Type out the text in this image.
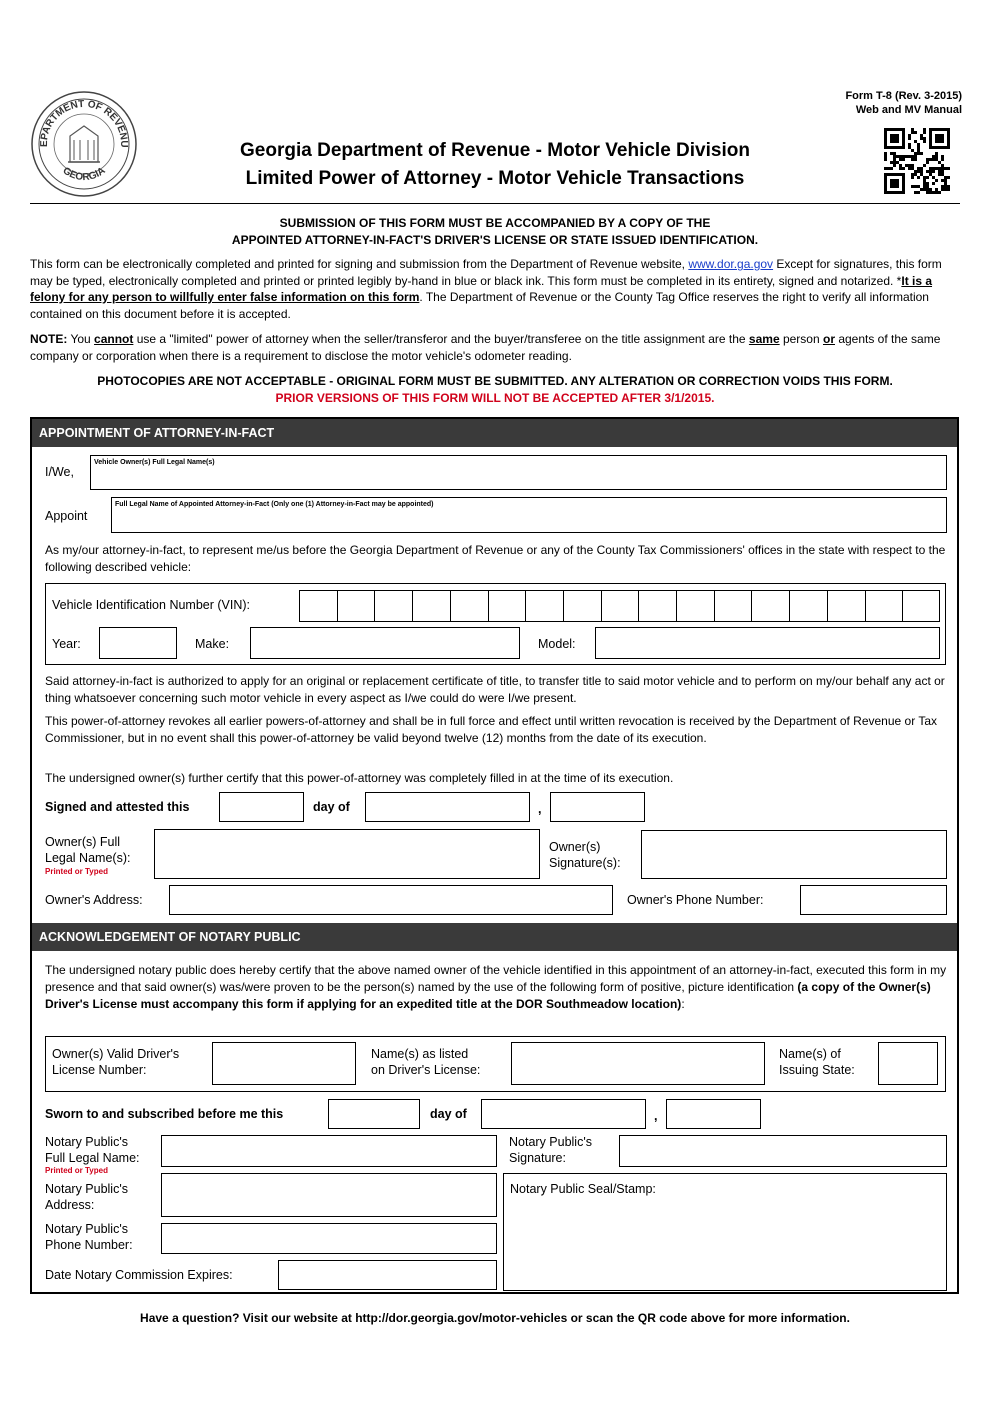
EPARTMENT OF REVENU
GEORGIA
Form T-8 (Rev. 3-2015)
Web and MV Manual
Georgia Department of Revenue - Motor Vehicle Division
Limited Power of Attorney - Motor Vehicle Transactions
SUBMISSION OF THIS FORM MUST BE ACCOMPANIED BY A COPY OF THE
APPOINTED ATTORNEY-IN-FACT'S DRIVER'S LICENSE OR STATE ISSUED IDENTIFICATION.
This form can be electronically completed and printed for signing and submission from the Department of Revenue website, www.dor.ga.gov Except for signatures, this form may be typed, electronically completed and printed or printed legibly by-hand in blue or black ink. This form must be completed in its entirety, signed and notarized. *It is a felony for any person to willfully enter false information on this form. The Department of Revenue or the County Tag Office reserves the right to verify all information contained on this document before it is accepted.
NOTE: You cannot use a "limited" power of attorney when the seller/transferor and the buyer/transferee on the title assignment are the same person or agents of the same company or corporation when there is a requirement to disclose the motor vehicle's odometer reading.
PHOTOCOPIES ARE NOT ACCEPTABLE - ORIGINAL FORM MUST BE SUBMITTED. ANY ALTERATION OR CORRECTION VOIDS THIS FORM.
PRIOR VERSIONS OF THIS FORM WILL NOT BE ACCEPTED AFTER 3/1/2015.
APPOINTMENT OF ATTORNEY-IN-FACT
I/We,
Vehicle Owner(s) Full Legal Name(s)
Appoint
Full Legal Name of Appointed Attorney-in-Fact (Only one (1) Attorney-in-Fact may be appointed)
As my/our attorney-in-fact, to represent me/us before the Georgia Department of Revenue or any of the County Tax Commissioners' offices in the state with respect to the following described vehicle:
Vehicle Identification Number (VIN):
Year:	Make:	Model:
Said attorney-in-fact is authorized to apply for an original or replacement certificate of title, to transfer title to said motor vehicle and to perform on my/our behalf any act or thing whatsoever concerning such motor vehicle in every aspect as I/we could do were I/we present.
This power-of-attorney revokes all earlier powers-of-attorney and shall be in full force and effect until written revocation is received by the Department of Revenue or Tax Commissioner, but in no event shall this power-of-attorney be valid beyond twelve (12) months from the date of its execution.
The undersigned owner(s) further certify that this power-of-attorney was completely filled in at the time of its execution.
Signed and attested this	day of	,
Owner(s) Full
Legal Name(s):
Printed or Typed
Owner(s)
Signature(s):
Owner's Address:	Owner's Phone Number:
ACKNOWLEDGEMENT OF NOTARY PUBLIC
The undersigned notary public does hereby certify that the above named owner of the vehicle identified in this appointment of an attorney-in-fact, executed this form in my presence and that said owner(s) was/were proven to be the person(s) named by the use of the following form of positive, picture identification (a copy of the Owner(s) Driver's License must accompany this form if applying for an expedited title at the DOR Southmeadow location):
Owner(s) Valid Driver's
License Number:
Name(s) as listed
on Driver's License:
Name(s) of
Issuing State:
Sworn to and subscribed before me this	day of	,
Notary Public's
Full Legal Name:
Printed or Typed
Notary Public's
Signature:
Notary Public's
Address:
Notary Public Seal/Stamp:
Notary Public's
Phone Number:
Date Notary Commission Expires:
Have a question? Visit our website at http://dor.georgia.gov/motor-vehicles or scan the QR code above for more information.
